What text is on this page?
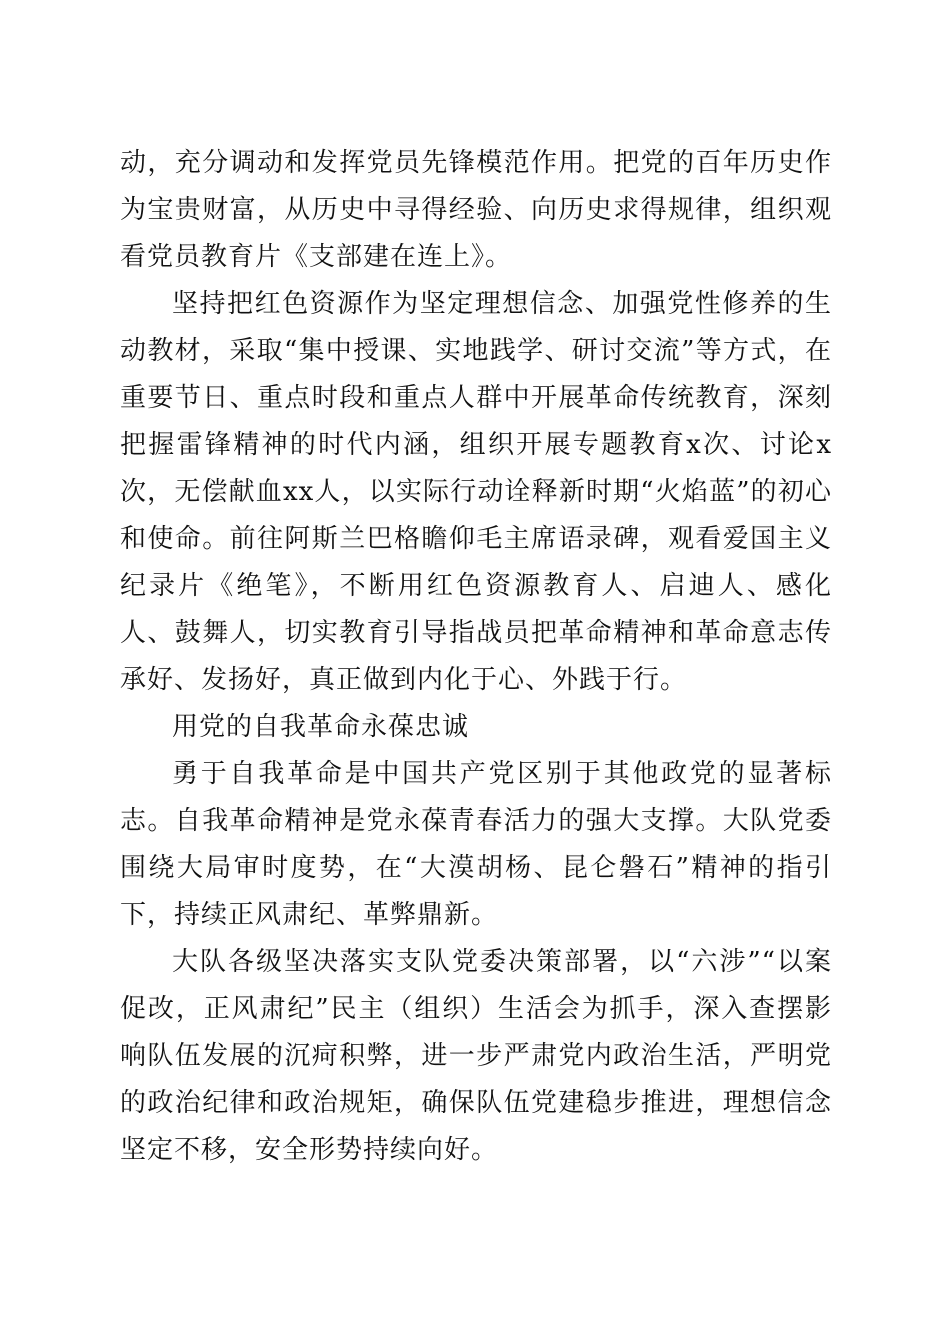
动，充分调动和发挥党员先锋模范作用。把党的百年历史作为宝贵财富，从历史中寻得经验、向历史求得规律，组织观看党员教育片《支部建在连上》。

坚持把红色资源作为坚定理想信念、加强党性修养的生动教材，采取“集中授课、实地践学、研讨交流”等方式，在重要节日、重点时段和重点人群中开展革命传统教育，深刻把握雷锋精神的时代内涵，组织开展专题教育x次、讨论x次，无偿献血xx人，以实际行动诠释新时期“火焰蓝”的初心和使命。前往阿斯兰巴格瞻仰毛主席语录碑，观看爱国主义纪录片《绝笔》，不断用红色资源教育人、启迪人、感化人、鼓舞人，切实教育引导指战员把革命精神和革命意志传承好、发扬好，真正做到内化于心、外践于行。

用党的自我革命永葆忠诚

勇于自我革命是中国共产党区别于其他政党的显著标志。自我革命精神是党永葆青春活力的强大支撑。大队党委围绕大局审时度势，在“大漠胡杨、昆仑磐石”精神的指引下，持续正风肃纪、革弊鼎新。

大队各级坚决落实支队党委决策部署，以“六涉”“以案促改，正风肃纪”民主（组织）生活会为抓手，深入查摆影响队伍发展的沉疴积弊，进一步严肃党内政治生活，严明党的政治纪律和政治规矩，确保队伍党建稳步推进，理想信念坚定不移，安全形势持续向好。
